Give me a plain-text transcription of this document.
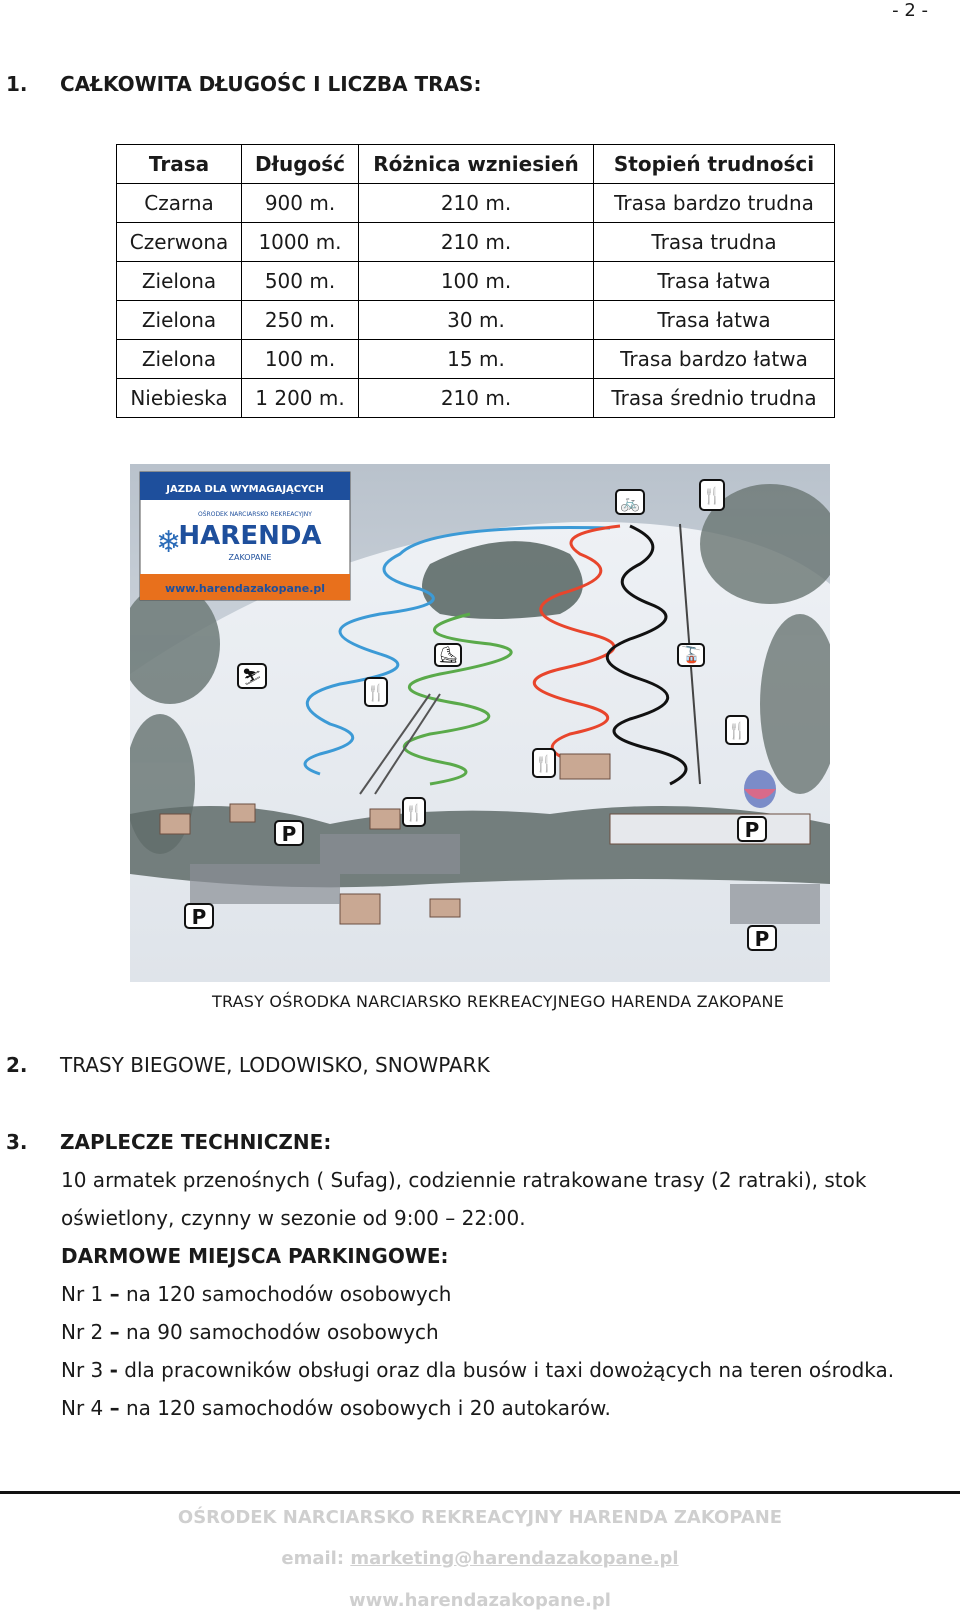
- 2 -
1. CAŁKOWITA DŁUGOŚC I LICZBA TRAS:
Trasa	Długość	Różnica wzniesień	Stopień trudności
Czarna	900 m.	210 m.	Trasa bardzo trudna
Czerwona	1000 m.	210 m.	Trasa trudna
Zielona	500 m.	100 m.	Trasa łatwa
Zielona	250 m.	30 m.	Trasa łatwa
Zielona	100 m.	15 m.	Trasa bardzo łatwa
Niebieska	1 200 m.	210 m.	Trasa średnio trudna
JAZDA DLA WYMAGAJĄCYCH
OŚRODEK NARCIARSKO REKREACYJNY
HARENDA
ZAKOPANE
www.harendazakopane.pl
❄
P
P
P
P
🚲	🍴
⛷
⛸	🚡
🍴
🍴
🍴
🍴
TRASY OŚRODKA NARCIARSKO REKREACYJNEGO HARENDA ZAKOPANE
2. TRASY BIEGOWE, LODOWISKO, SNOWPARK
3. ZAPLECZE TECHNICZNE:
10 armatek przenośnych ( Sufag), codziennie ratrakowane trasy (2 ratraki), stok
oświetlony, czynny w sezonie od 9:00 – 22:00.
DARMOWE MIEJSCA PARKINGOWE:
Nr 1 – na 120 samochodów osobowych
Nr 2 – na 90 samochodów osobowych
Nr 3 - dla pracowników obsługi oraz dla busów i taxi dowożących na teren ośrodka.
Nr 4 – na 120 samochodów osobowych i 20 autokarów.
OŚRODEK NARCIARSKO REKREACYJNY HARENDA ZAKOPANE
email: marketing@harendazakopane.pl
www.harendazakopane.pl
